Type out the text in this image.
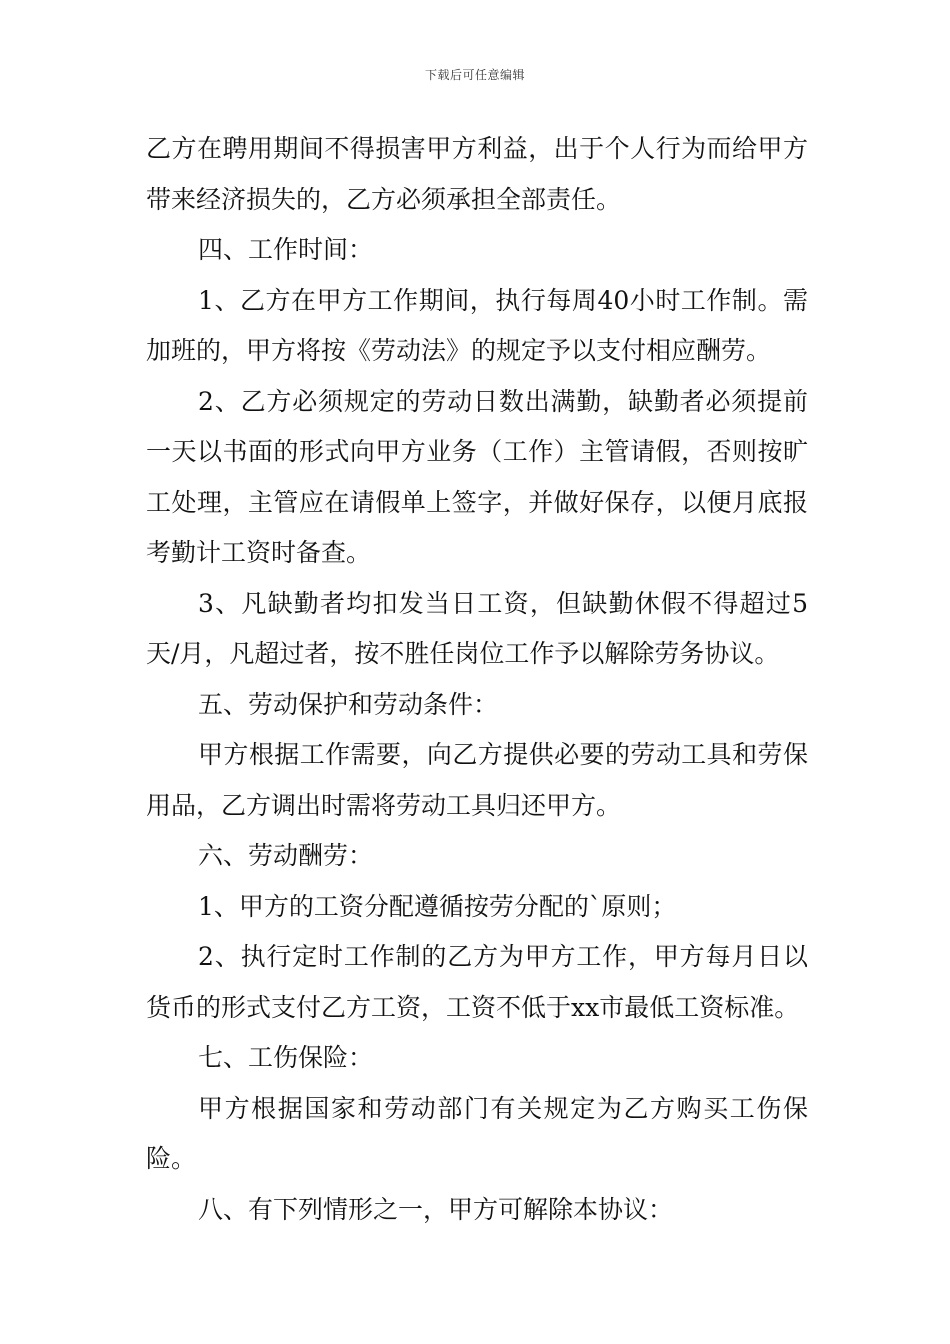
下载后可任意编辑

乙方在聘用期间不得损害甲方利益，出于个人行为而给甲方带来经济损失的，乙方必须承担全部责任。

四、工作时间：

1、乙方在甲方工作期间，执行每周40小时工作制。需加班的，甲方将按《劳动法》的规定予以支付相应酬劳。

2、乙方必须规定的劳动日数出满勤，缺勤者必须提前一天以书面的形式向甲方业务（工作）主管请假，否则按旷工处理，主管应在请假单上签字，并做好保存，以便月底报考勤计工资时备查。

3、凡缺勤者均扣发当日工资，但缺勤休假不得超过5天/月，凡超过者，按不胜任岗位工作予以解除劳务协议。

五、劳动保护和劳动条件：

甲方根据工作需要，向乙方提供必要的劳动工具和劳保用品，乙方调出时需将劳动工具归还甲方。

六、劳动酬劳：

1、甲方的工资分配遵循按劳分配的`原则；

2、执行定时工作制的乙方为甲方工作，甲方每月日以货币的形式支付乙方工资，工资不低于xx市最低工资标准。

七、工伤保险：

甲方根据国家和劳动部门有关规定为乙方购买工伤保险。

八、有下列情形之一，甲方可解除本协议：
